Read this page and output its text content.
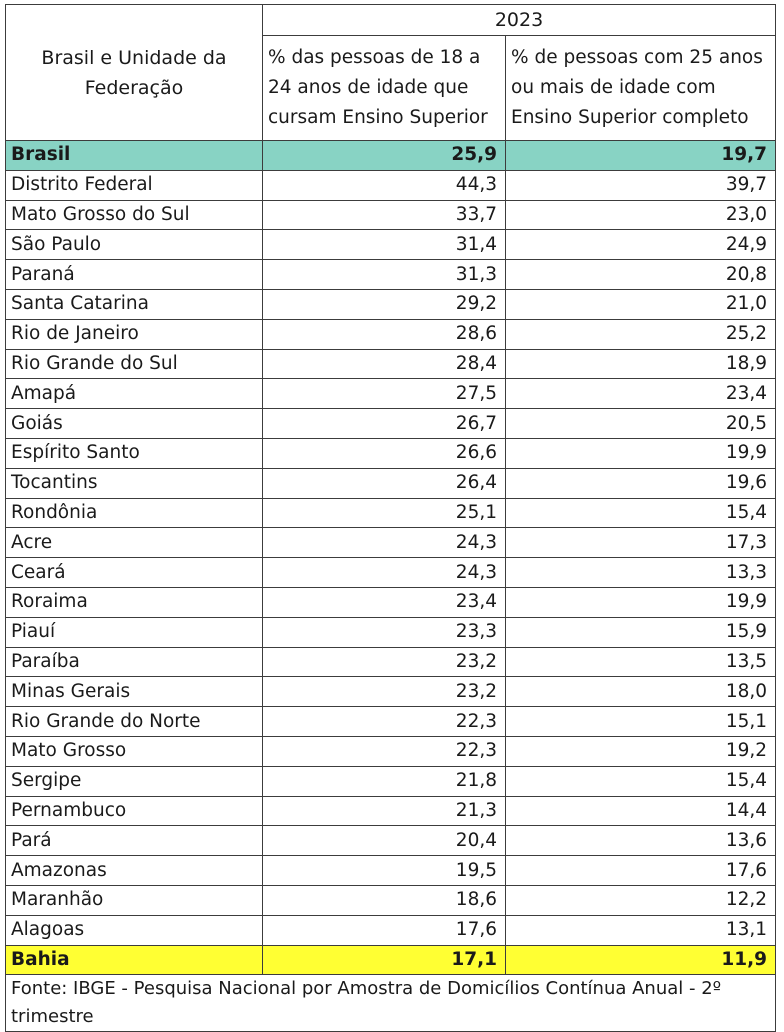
Brasil e Unidade da Federação	2023	
	% das pessoas de 18 a 24 anos de idade que cursam Ensino Superior	% de pessoas com 25 anos ou mais de idade com Ensino Superior completo
Brasil	25,9	19,7
Distrito Federal	44,3	39,7
Mato Grosso do Sul	33,7	23,0
São Paulo	31,4	24,9
Paraná	31,3	20,8
Santa Catarina	29,2	21,0
Rio de Janeiro	28,6	25,2
Rio Grande do Sul	28,4	18,9
Amapá	27,5	23,4
Goiás	26,7	20,5
Espírito Santo	26,6	19,9
Tocantins	26,4	19,6
Rondônia	25,1	15,4
Acre	24,3	17,3
Ceará	24,3	13,3
Roraima	23,4	19,9
Piauí	23,3	15,9
Paraíba	23,2	13,5
Minas Gerais	23,2	18,0
Rio Grande do Norte	22,3	15,1
Mato Grosso	22,3	19,2
Sergipe	21,8	15,4
Pernambuco	21,3	14,4
Pará	20,4	13,6
Amazonas	19,5	17,6
Maranhão	18,6	12,2
Alagoas	17,6	13,1
Bahia	17,1	11,9
Fonte: IBGE - Pesquisa Nacional por Amostra de Domicílios Contínua Anual - 2º trimestre		
